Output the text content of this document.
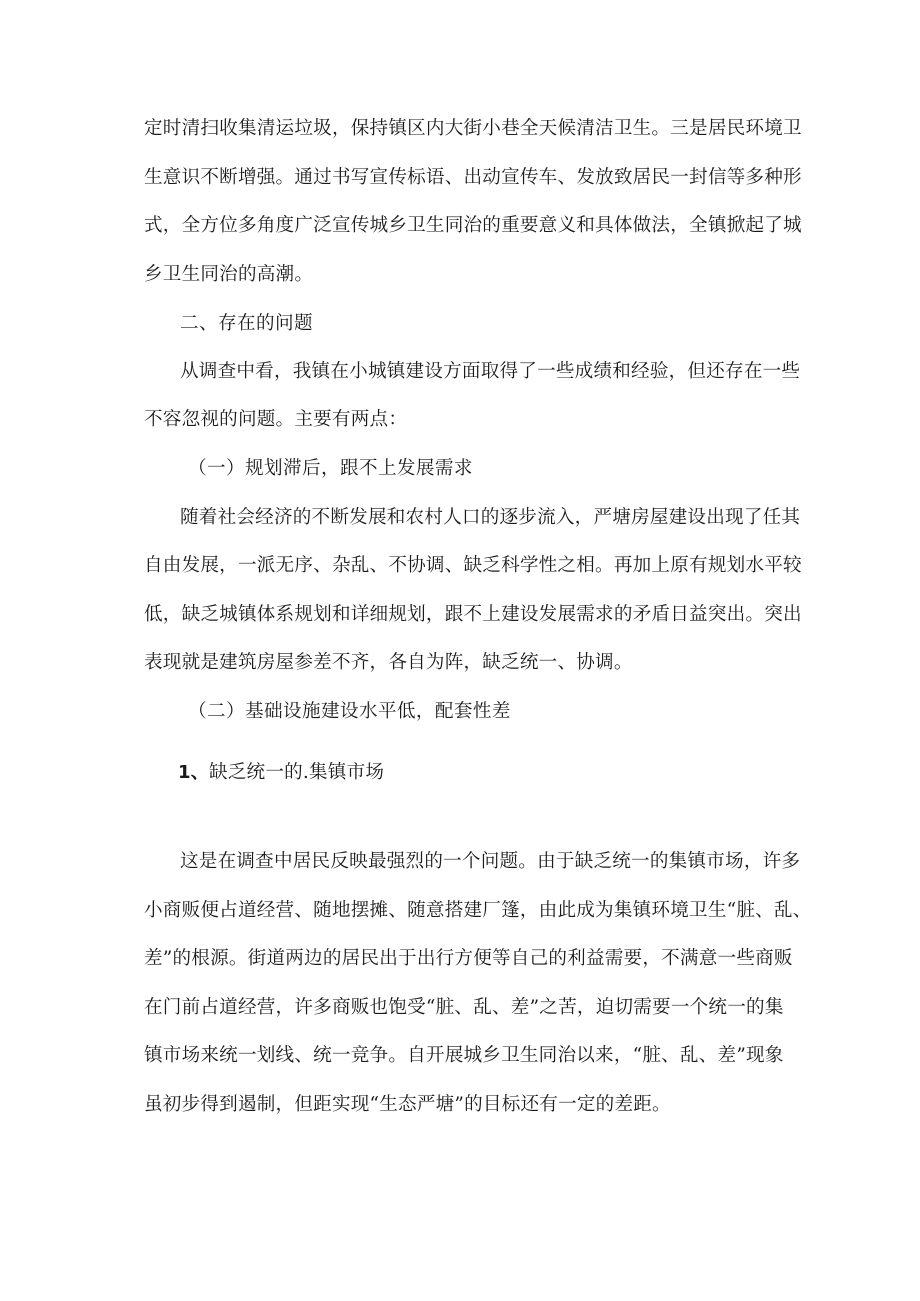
定时清扫收集清运垃圾，保持镇区内大街小巷全天候清洁卫生。三是居民环境卫
生意识不断增强。通过书写宣传标语、出动宣传车、发放致居民一封信等多种形
式，全方位多角度广泛宣传城乡卫生同治的重要意义和具体做法，全镇掀起了城
乡卫生同治的高潮。
二、存在的问题
从调查中看，我镇在小城镇建设方面取得了一些成绩和经验，但还存在一些
不容忽视的问题。主要有两点：
（一）规划滞后，跟不上发展需求
随着社会经济的不断发展和农村人口的逐步流入，严塘房屋建设出现了任其
自由发展，一派无序、杂乱、不协调、缺乏科学性之相。再加上原有规划水平较
低，缺乏城镇体系规划和详细规划，跟不上建设发展需求的矛盾日益突出。突出
表现就是建筑房屋参差不齐，各自为阵，缺乏统一、协调。
（二）基础设施建设水平低，配套性差
1、缺乏统一的.集镇市场
这是在调查中居民反映最强烈的一个问题。由于缺乏统一的集镇市场，许多
小商贩便占道经营、随地摆摊、随意搭建厂篷，由此成为集镇环境卫生“脏、乱、
差”的根源。街道两边的居民出于出行方便等自己的利益需要，不满意一些商贩
在门前占道经营，许多商贩也饱受“脏、乱、差”之苦，迫切需要一个统一的集
镇市场来统一划线、统一竞争。自开展城乡卫生同治以来，“脏、乱、差”现象
虽初步得到遏制，但距实现“生态严塘”的目标还有一定的差距。
